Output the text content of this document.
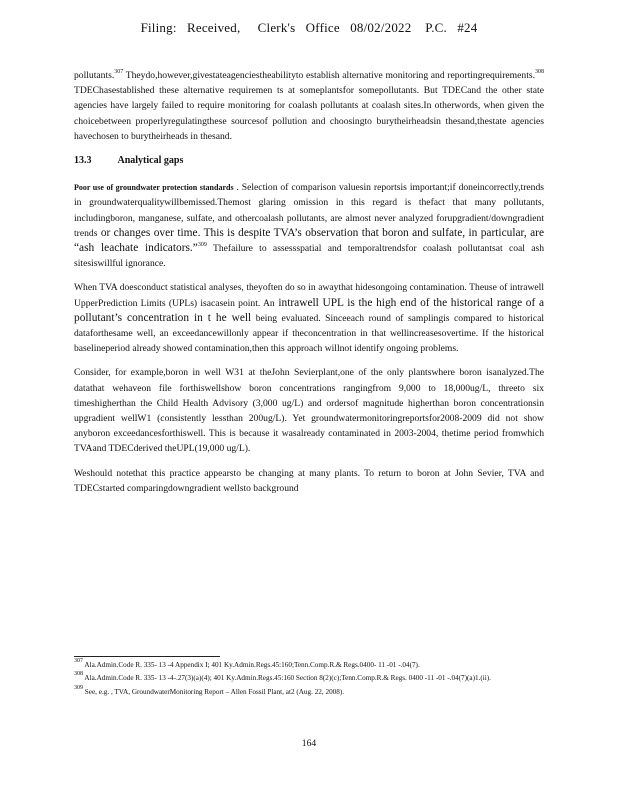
Filing:   Received,     Clerk's   Office   08/02/2022    P.C.   #24

pollutants.$^{307}$ Theydo,however,givestateagenciestheabilityto establish alternative monitoring and reportingrequirements.$^{308}$ TDEChasestablished these alternative requiremen ts at someplantsfor somepollutants. But TDECand the other state agencies have largely failed to require monitoring for coalash pollutants at coalash sites.In otherwords, when given the choicebetween properlyregulatingthese sourcesof pollution and choosingto burytheirheadsin thesand,thestate agencies havechosen to burytheirheads in thesand.

13.3	Analytical gaps

Poor use of groundwater protection standards . Selection of comparison valuesin reportsis important;if doneincorrectly,trends in groundwaterqualitywillbemissed.Themost glaring omission in this regard is thefact that many pollutants, includingboron, manganese, sulfate, and othercoalash pollutants, are almost never analyzed forupgradient/downgradient trends or changes over time. This is despite TVA’s observation that boron and sulfate, in particular, are “ash leachate indicators.”$^{309}$ Thefailure to assessspatial and temporaltrendsfor coalash pollutantsat coal ash sitesiswillful ignorance.

When TVA doesconduct statistical analyses, theyoften do so in awaythat hidesongoing contamination. Theuse of intrawell UpperPrediction Limits (UPLs) isacasein point. An intrawell UPL is the high end of the historical range of a pollutant’s concentration in t he well being evaluated. Sinceeach round of samplingis compared to historical dataforthesame well, an exceedancewillonly appear if theconcentration in that wellincreasesovertime. If the historical baselineperiod already showed contamination,then this approach willnot identify ongoing problems.

Consider, for example,boron in well W31 at theJohn Sevierplant,one of the only plantswhere boron isanalyzed.The datathat wehaveon file forthiswellshow boron concentrations rangingfrom 9,000 to 18,000ug/L, threeto six timeshigherthan the Child Health Advisory (3,000 ug/L) and ordersof magnitude higherthan boron concentrationsin upgradient wellW1 (consistently lessthan 200ug/L). Yet groundwatermonitoringreportsfor2008-2009 did not show anyboron exceedancesforthiswell. This is because it wasalready contaminated in 2003-2004, thetime period fromwhich TVAand TDECderived theUPL(19,000 ug/L).

Weshould notethat this practice appearsto be changing at many plants. To return to boron at John Sevier, TVA and TDECstarted comparingdowngradient wellsto background

$^{307}$ Ala.Admin.Code R. 335- 13 -4 Appendix I; 401 Ky.Admin.Regs.45:160;Tenn.Comp.R.& Regs.0400- 11 -01 -.04(7).
$^{308}$ Ala.Admin.Code R. 335- 13 -4-.27(3)(a)(4); 401 Ky.Admin.Regs.45:160 Section 8(2)(c);Tenn.Comp.R.& Regs. 0400 -11 -01 -.04(7)(a)1.(ii).
$^{309}$ See, e.g. , TVA, GroundwaterMonitoring Report – Allen Fossil Plant, at2 (Aug. 22, 2008).
164
